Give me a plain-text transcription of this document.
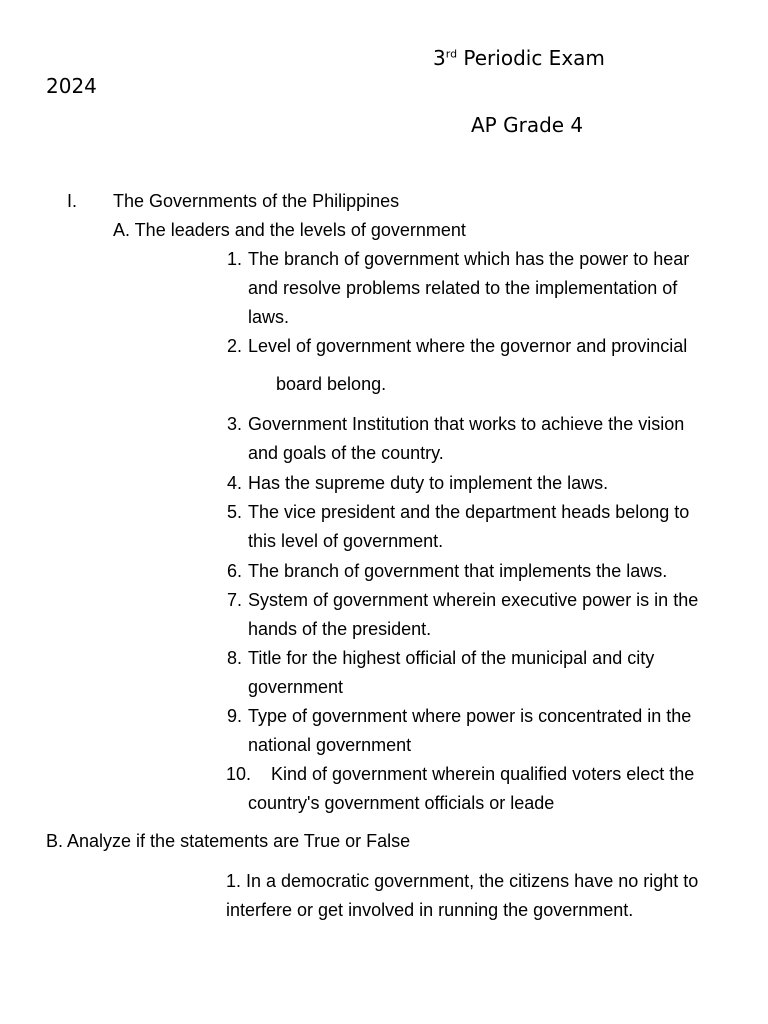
3rd Periodic Exam
2024
AP Grade 4
I. The Governments of the Philippines
A. The leaders and the levels of government
1. The branch of government which has the power to hear and resolve problems related to the implementation of laws.
2. Level of government where the governor and provincial
board belong.
3. Government Institution that works to achieve the vision and goals of the country.
4. Has the supreme duty to implement the laws.
5. The vice president and the department heads belong to this level of government.
6. The branch of government that implements the laws.
7. System of government wherein executive power is in the hands of the president.
8. Title for the highest official of the municipal and city government
9. Type of government where power is concentrated in the national government
10.	Kind of government wherein qualified voters elect the country's government officials or leade
B. Analyze if the statements are True or False
1. In a democratic government, the citizens have no right to
interfere or get involved in running the government.
